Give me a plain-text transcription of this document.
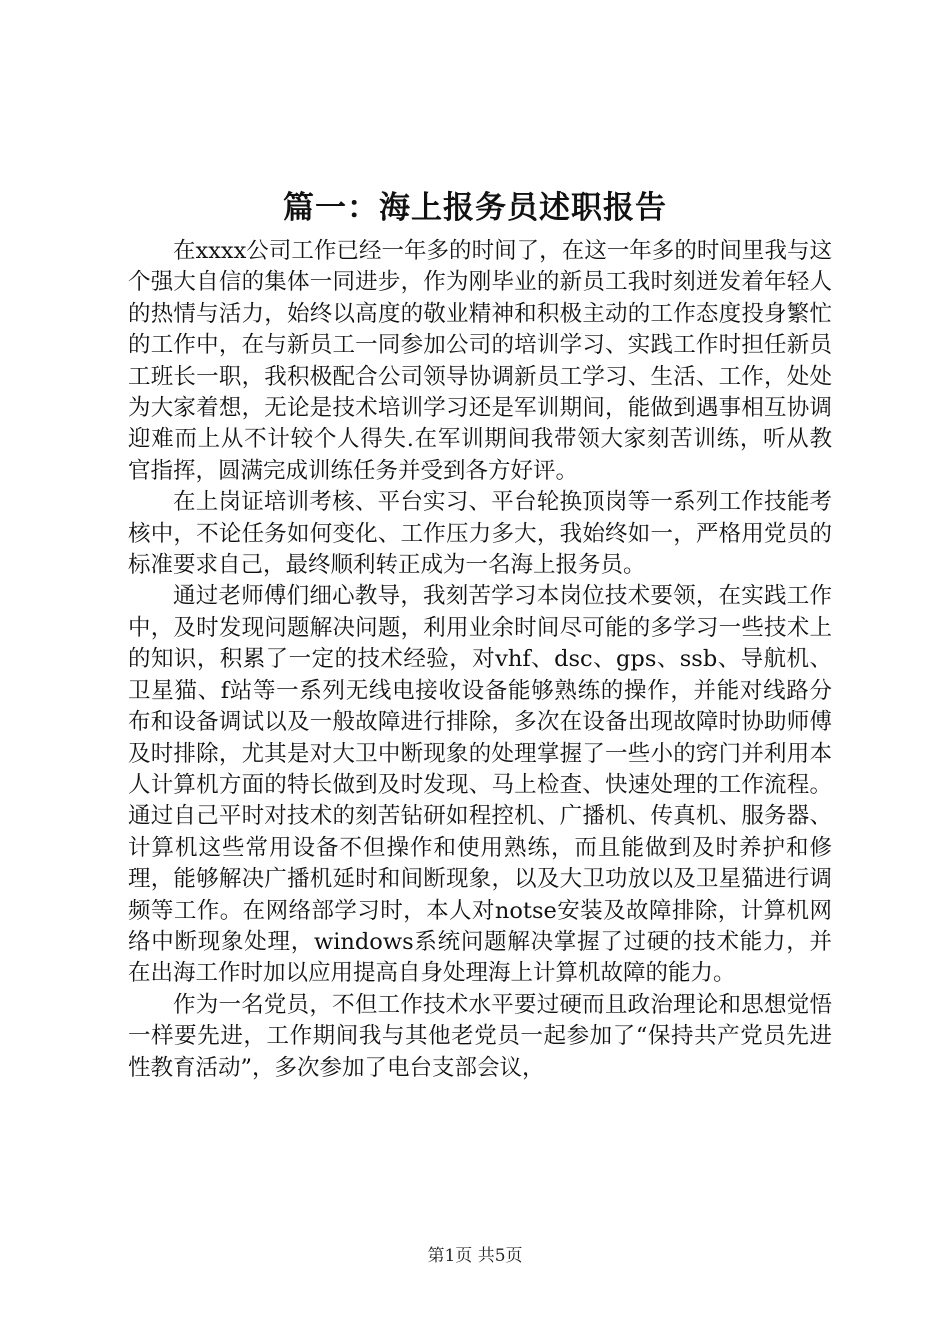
篇一：海上报务员述职报告

在xxxx公司工作已经一年多的时间了，在这一年多的时间里我与这个强大自信的集体一同进步，作为刚毕业的新员工我时刻迸发着年轻人的热情与活力，始终以高度的敬业精神和积极主动的工作态度投身繁忙的工作中，在与新员工一同参加公司的培训学习、实践工作时担任新员工班长一职，我积极配合公司领导协调新员工学习、生活、工作，处处为大家着想，无论是技术培训学习还是军训期间，能做到遇事相互协调迎难而上从不计较个人得失.在军训期间我带领大家刻苦训练，听从教官指挥，圆满完成训练任务并受到各方好评。

在上岗证培训考核、平台实习、平台轮换顶岗等一系列工作技能考核中，不论任务如何变化、工作压力多大，我始终如一，严格用党员的标准要求自己，最终顺利转正成为一名海上报务员。

通过老师傅们细心教导，我刻苦学习本岗位技术要领，在实践工作中，及时发现问题解决问题，利用业余时间尽可能的多学习一些技术上的知识，积累了一定的技术经验，对vhf、dsc、gps、ssb、导航机、卫星猫、f站等一系列无线电接收设备能够熟练的操作，并能对线路分布和设备调试以及一般故障进行排除，多次在设备出现故障时协助师傅及时排除，尤其是对大卫中断现象的处理掌握了一些小的窍门并利用本人计算机方面的特长做到及时发现、马上检查、快速处理的工作流程。通过自己平时对技术的刻苦钻研如程控机、广播机、传真机、服务器、计算机这些常用设备不但操作和使用熟练，而且能做到及时养护和修理，能够解决广播机延时和间断现象，以及大卫功放以及卫星猫进行调频等工作。在网络部学习时，本人对notse安装及故障排除，计算机网络中断现象处理，windows系统问题解决掌握了过硬的技术能力，并在出海工作时加以应用提高自身处理海上计算机故障的能力。

作为一名党员，不但工作技术水平要过硬而且政治理论和思想觉悟一样要先进，工作期间我与其他老党员一起参加了“保持共产党员先进性教育活动”，多次参加了电台支部会议，

第1页 共5页
